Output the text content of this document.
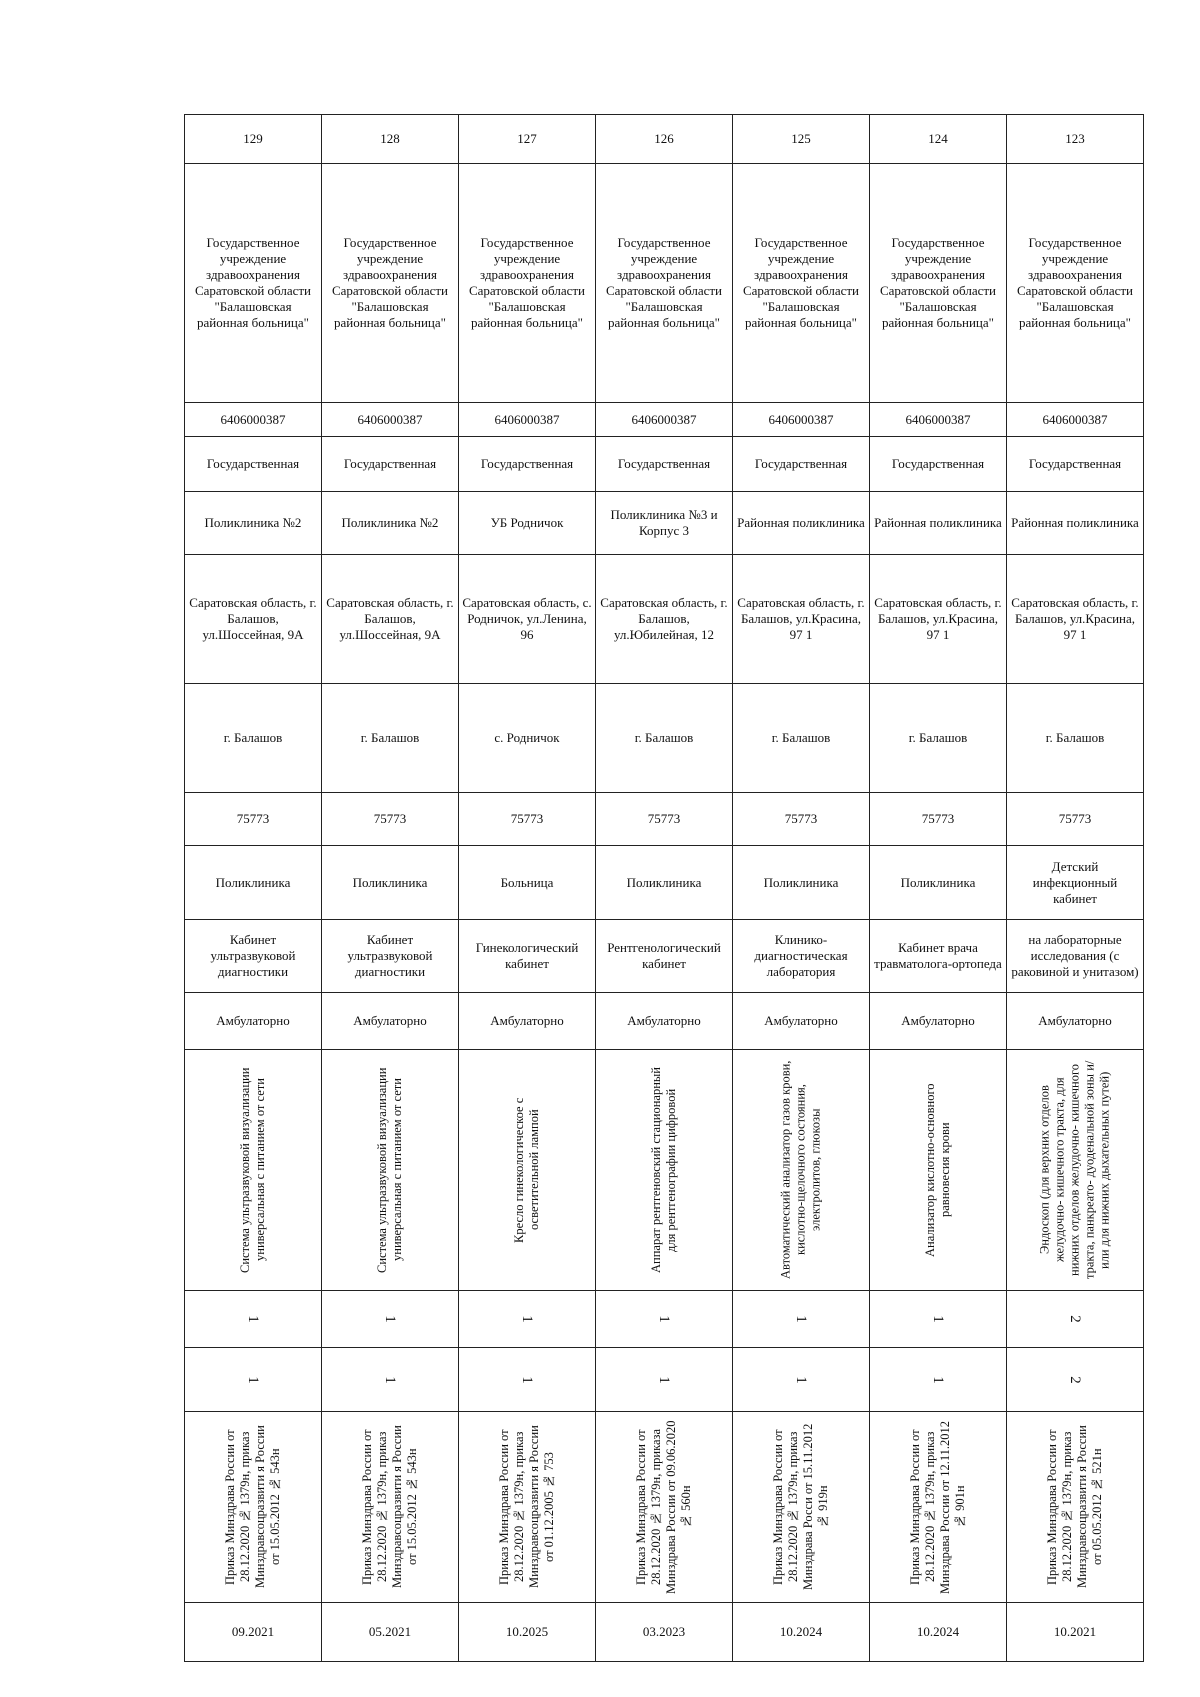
129	128	127	126	125	124	123
Государственное учреждение здравоохранения Саратовской области "Балашовская районная больница"	Государственное учреждение здравоохранения Саратовской области "Балашовская районная больница"	Государственное учреждение здравоохранения Саратовской области "Балашовская районная больница"	Государственное учреждение здравоохранения Саратовской области "Балашовская районная больница"	Государственное учреждение здравоохранения Саратовской области "Балашовская районная больница"	Государственное учреждение здравоохранения Саратовской области "Балашовская районная больница"	Государственное учреждение здравоохранения Саратовской области "Балашовская районная больница"
6406000387	6406000387	6406000387	6406000387	6406000387	6406000387	6406000387
Государственная	Государственная	Государственная	Государственная	Государственная	Государственная	Государственная
Поликлиника №2	Поликлиника №2	УБ Родничок	Поликлиника №3 и Корпус 3	Районная поликлиника	Районная поликлиника	Районная поликлиника
Саратовская область, г. Балашов, ул.Шоссейная, 9А	Саратовская область, г. Балашов, ул.Шоссейная, 9А	Саратовская область, с. Родничок, ул.Ленина, 96	Саратовская область, г. Балашов, ул.Юбилейная, 12	Саратовская область, г. Балашов, ул.Красина, 97 1	Саратовская область, г. Балашов, ул.Красина, 97 1	Саратовская область, г. Балашов, ул.Красина, 97 1
г. Балашов	г. Балашов	с. Родничок	г. Балашов	г. Балашов	г. Балашов	г. Балашов
75773	75773	75773	75773	75773	75773	75773
Поликлиника	Поликлиника	Больница	Поликлиника	Поликлиника	Поликлиника	Детский инфекционный кабинет
Кабинет ультразвуковой диагностики	Кабинет ультразвуковой диагностики	Гинекологический кабинет	Рентгенологический кабинет	Клинико-диагностическая лаборатория	Кабинет врача травматолога-ортопеда	на лабораторные исследования (с раковиной и унитазом)
Амбулаторно	Амбулаторно	Амбулаторно	Амбулаторно	Амбулаторно	Амбулаторно	Амбулаторно

Система ультразвуковой визуализации универсальная с питанием от сети	Система ультразвуковой визуализации универсальная с питанием от сети	Кресло гинекологическое с осветительной лампой	Аппарат рентгеновский стационарный для рентгенографии цифровой	Автоматический анализатор газов крови, кислотно-щелочного состояния, электролитов, глюкозы	Анализатор кислотно-основного равновесия крови	Эндоскоп (для верхних отделов желудочно- кишечного тракта, для нижних отделов желудочно- кишечного тракта, панкреато- дуоденальной зоны и/или для нижних дыхательных путей)

1	1	1	1	1	1	2
1	1	1	1	1	1	2

Приказ Минздрава России от 28.12.2020 № 1379н, приказ Минздравсоцразвити я России от 15.05.2012 № 543н	Приказ Минздрава России от 28.12.2020 № 1379н, приказ Минздравсоцразвити я России от 15.05.2012 № 543н	Приказ Минздрава России от 28.12.2020 № 1379н, приказ Минздравсоцразвити я России от 01.12.2005 № 753	Приказ Минздрава России от 28.12.2020 № 1379н, приказа Минздрава России от 09.06.2020 № 560н	Приказ Минздрава России от 28.12.2020 № 1379н, приказ Минздрава Росси от 15.11.2012 № 919н	Приказ Минздрава России от 28.12.2020 № 1379н, приказ Минздрава России от 12.11.2012 № 901н	Приказ Минздрава России от 28.12.2020 № 1379н, приказ Минздравсоцразвити я России от 05.05.2012 № 521н

09.2021	05.2021	10.2025	03.2023	10.2024	10.2024	10.2021
